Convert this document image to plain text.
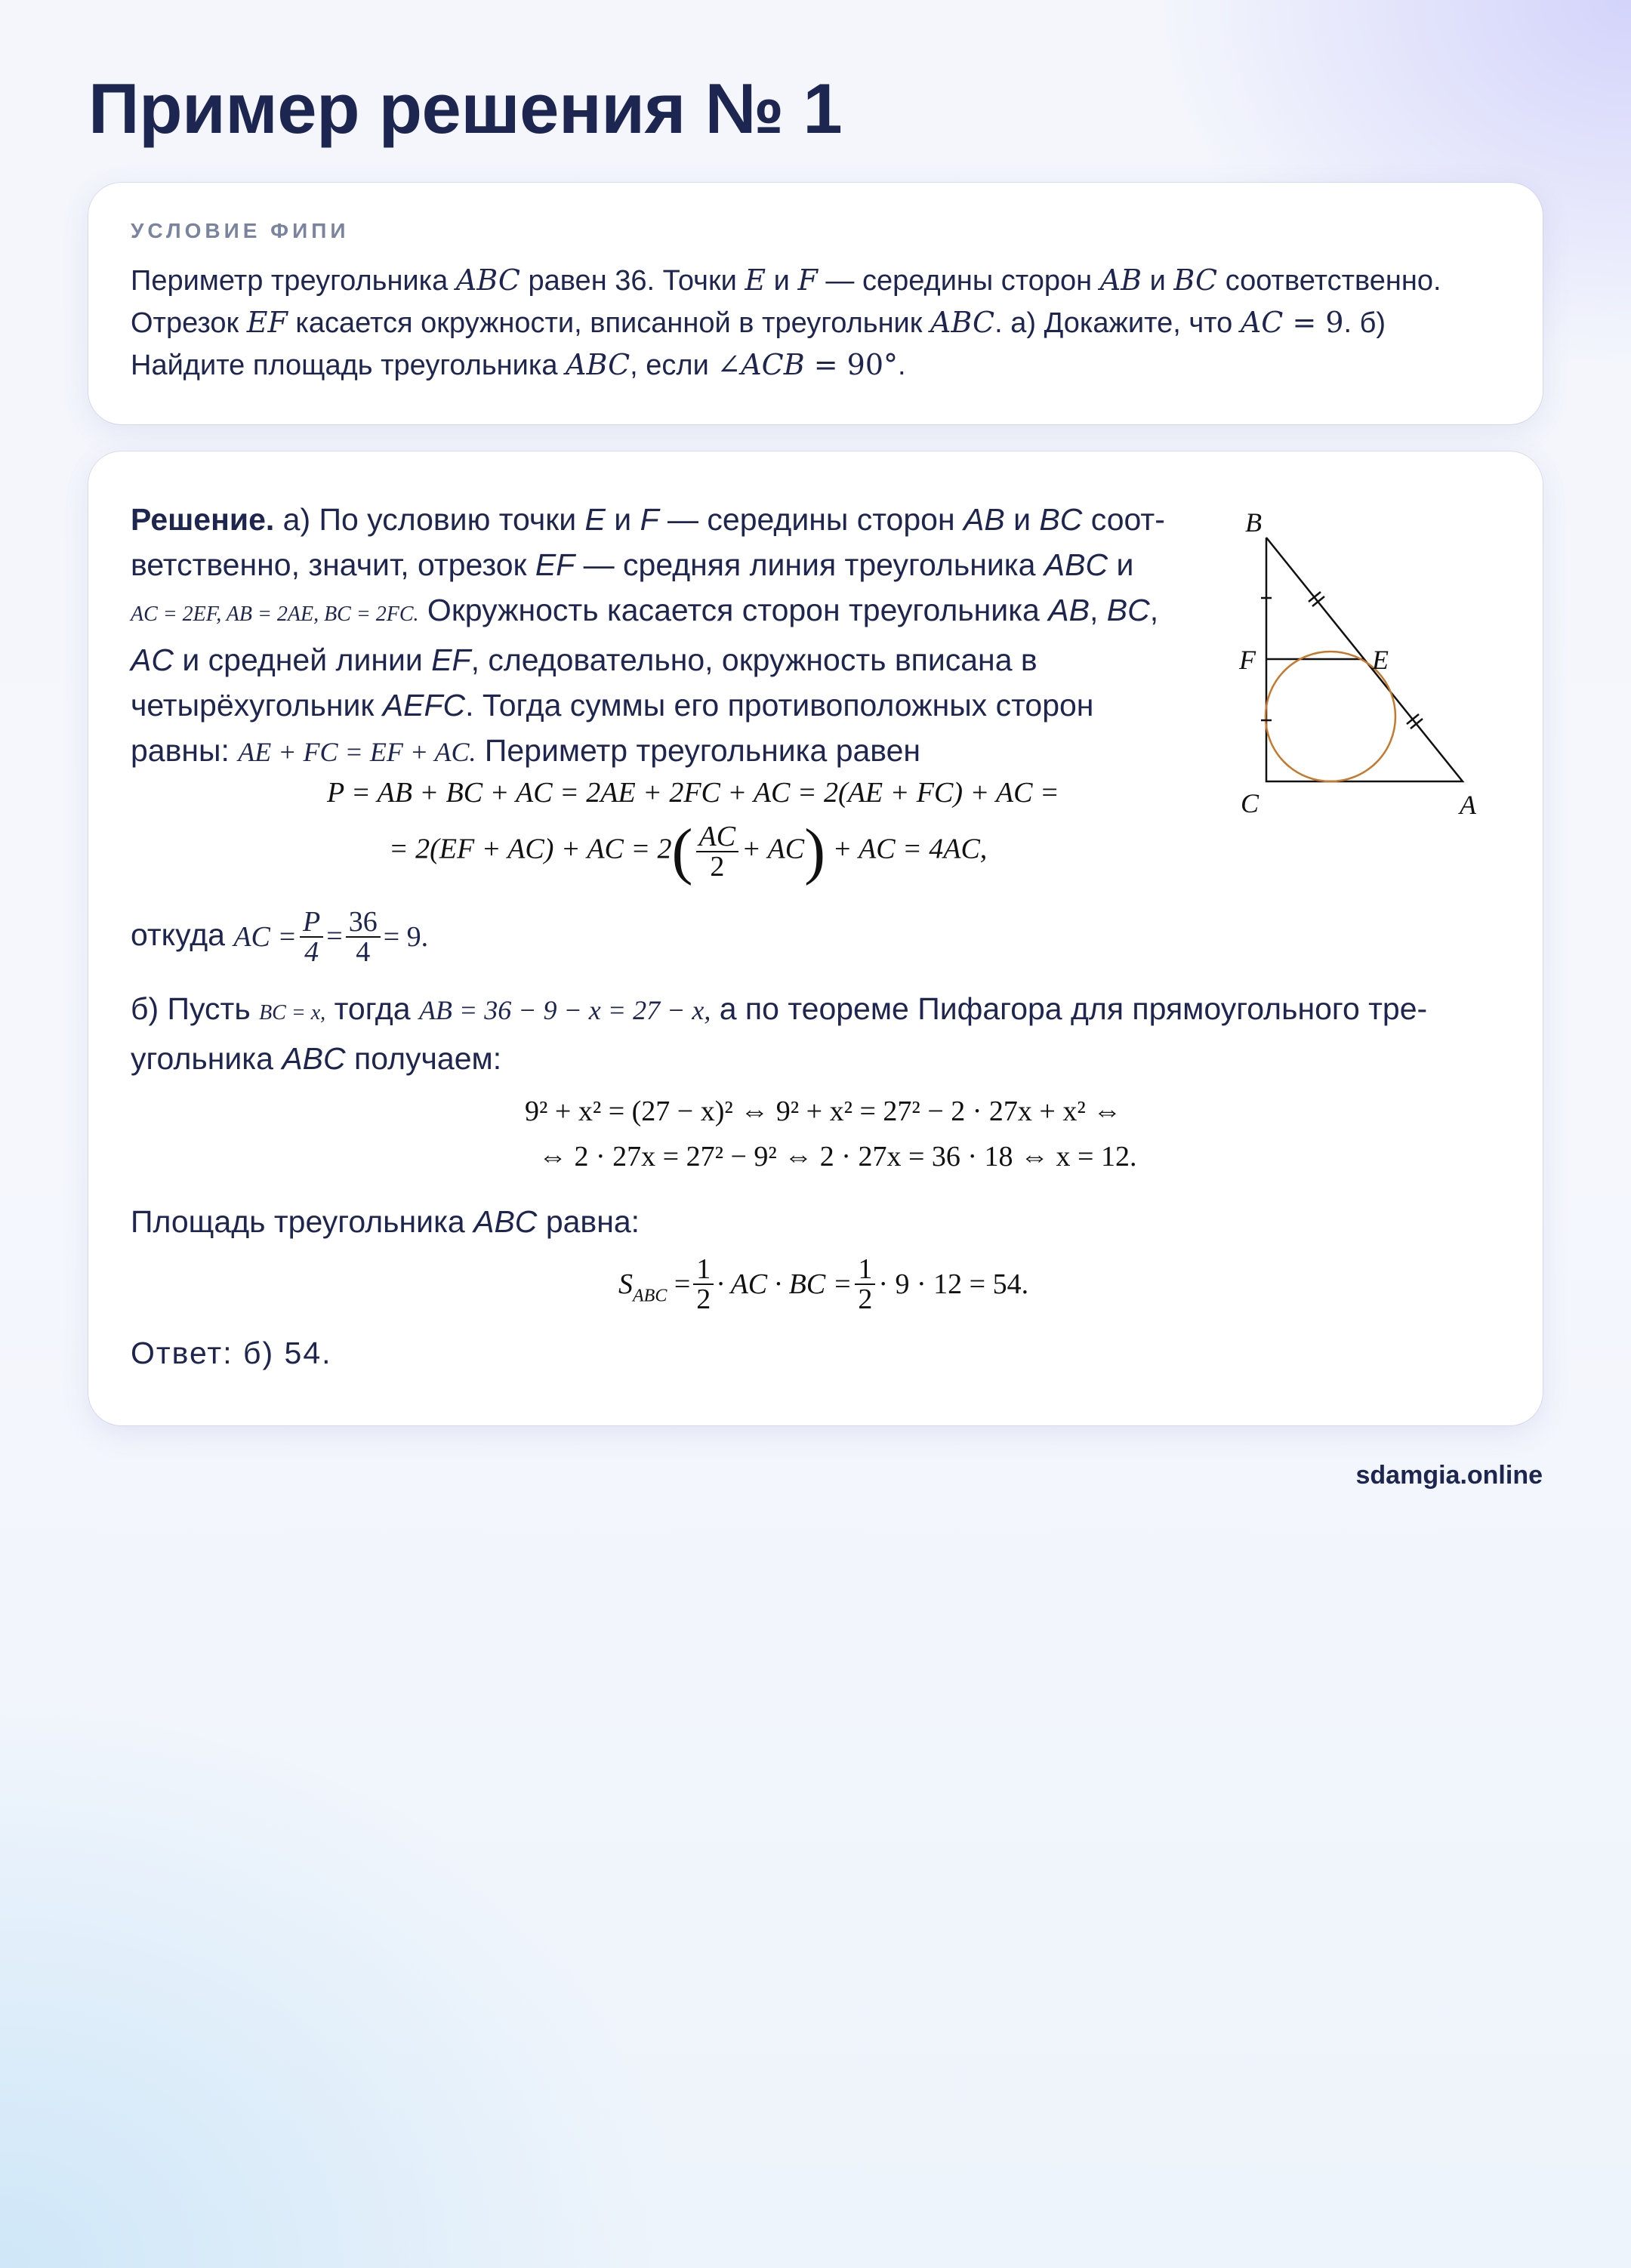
Пример решения № 1
УСЛОВИЕ ФИПИ

Периметр треугольника ABC равен 36. Точки E и F — середины сторон AB и BC соответственно. Отрезок EF касается окружности, вписанной в треугольник ABC. а) Докажите, что AC = 9. б) Найдите площадь треугольника ABC, если ∠ACB = 90°.

Решение. а) По условию точки E и F — середины сторон AB и BC соот-
ветственно, значит, отрезок EF — средняя линия треугольника ABC и
AC = 2EF, AB = 2AE, BC = 2FC. Окружность касается сторон треугольника AB, BC,
AC и средней линии EF, следовательно, окружность вписана в
четырёхугольник AEFC. Тогда суммы его противоположных сторон
равны: AE + FC = EF + AC. Периметр треугольника равен
P = AB + BC + AC = 2AE + 2FC + AC = 2(AE + FC) + AC =
= 2(EF + AC) + AC = $2( \frac{AC}{2} + AC)$ + AC = 4AC,
откуда AC = $\frac{P}{4} = \frac{36}{4} = 9$.
б) Пусть BC = x, тогда AB = 36 − 9 − x = 27 − x, а по теореме Пифагора для прямоугольного тре-
угольника ABC получаем:
9² + x² = (27 − x)² ⇔ 9² + x² = 27² − 2 · 27x + x² ⇔
⇔ 2 · 27x = 27² − 9² ⇔ 2 · 27x = 36 · 18 ⇔ x = 12.
Площадь треугольника ABC равна:
$S_{ABC} = \frac{1}{2}$ · AC · BC = $\frac{1}{2} \cdot 9 \cdot 12 = 54$.
Ответ: б) 54.
B
F	E
C	A
sdamgia.online
